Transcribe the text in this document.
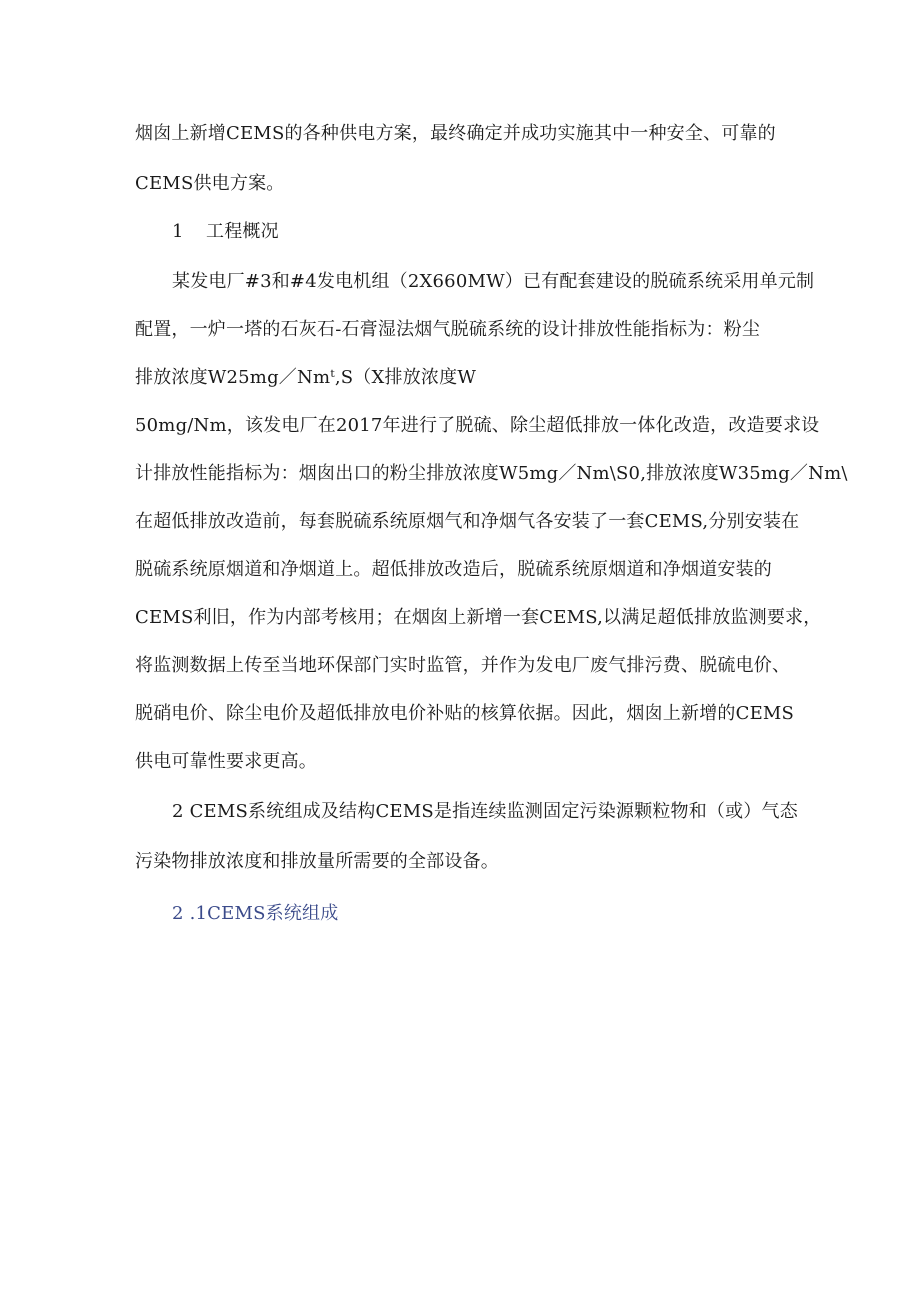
烟囱上新增CEMS的各种供电方案，最终确定并成功实施其中一种安全、可靠的
CEMS供电方案。
1 工程概况
某发电厂#3和#4发电机组（2X660MW）已有配套建设的脱硫系统采用单元制
配置，一炉一塔的石灰石-石膏湿法烟气脱硫系统的设计排放性能指标为：粉尘
排放浓度W25mg／Nmᵗ,S（X排放浓度W
50mg/Nm，该发电厂在2017年进行了脱硫、除尘超低排放一体化改造，改造要求设
计排放性能指标为：烟囱出口的粉尘排放浓度W5mg／Nm\S0,排放浓度W35mg／Nm\
在超低排放改造前，每套脱硫系统原烟气和净烟气各安装了一套CEMS,分别安装在
脱硫系统原烟道和净烟道上。超低排放改造后，脱硫系统原烟道和净烟道安装的
CEMS利旧，作为内部考核用；在烟囱上新增一套CEMS,以满足超低排放监测要求，
将监测数据上传至当地环保部门实时监管，并作为发电厂废气排污费、脱硫电价、
脱硝电价、除尘电价及超低排放电价补贴的核算依据。因此，烟囱上新增的CEMS
供电可靠性要求更高。
2 CEMS系统组成及结构CEMS是指连续监测固定污染源颗粒物和（或）气态
污染物排放浓度和排放量所需要的全部设备。
2 .1CEMS系统组成
